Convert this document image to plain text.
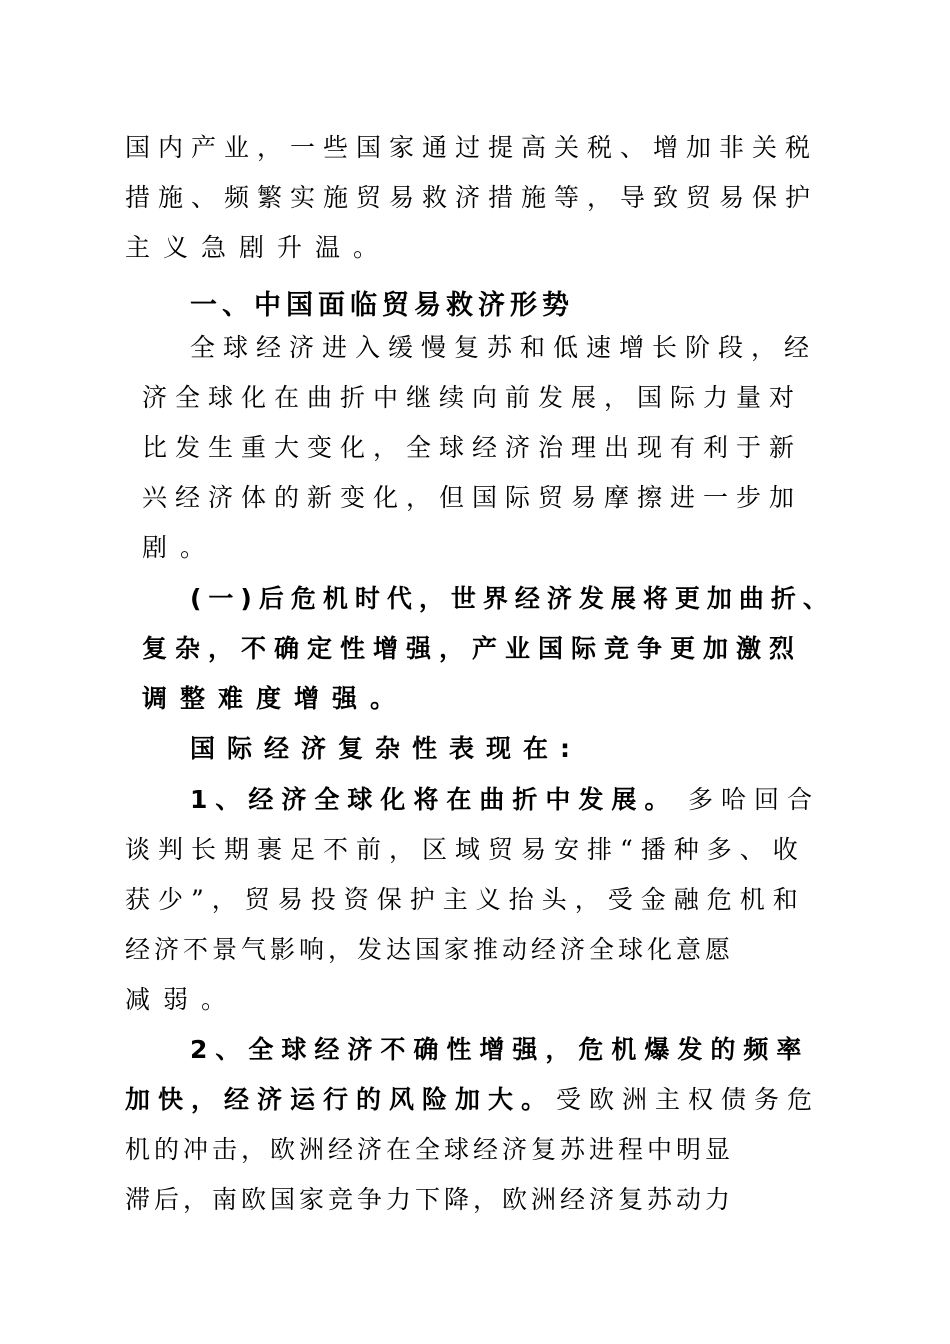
国内产业，一些国家通过提高关税、增加非关税
措施、频繁实施贸易救济措施等，导致贸易保护
主义急剧升温。
一、中国面临贸易救济形势
全球经济进入缓慢复苏和低速增长阶段，经
济全球化在曲折中继续向前发展，国际力量对
比发生重大变化，全球经济治理出现有利于新
兴经济体的新变化，但国际贸易摩擦进一步加
剧。
(一)后危机时代，世界经济发展将更加曲折、
复杂，不确定性增强，产业国际竞争更加激烈
调整难度增强。
国际经济复杂性表现在:
1、经济全球化将在曲折中发展。 多哈回合
谈判长期裹足不前，区域贸易安排“播种多、收
获少”，贸易投资保护主义抬头，受金融危机和
经济不景气影响，发达国家推动经济全球化意愿
减弱。
2、全球经济不确性增强，危机爆发的频率
加快，经济运行的风险加大。 受欧洲主权债务危
机的冲击，欧洲经济在全球经济复苏进程中明显
滞后，南欧国家竞争力下降，欧洲经济复苏动力
